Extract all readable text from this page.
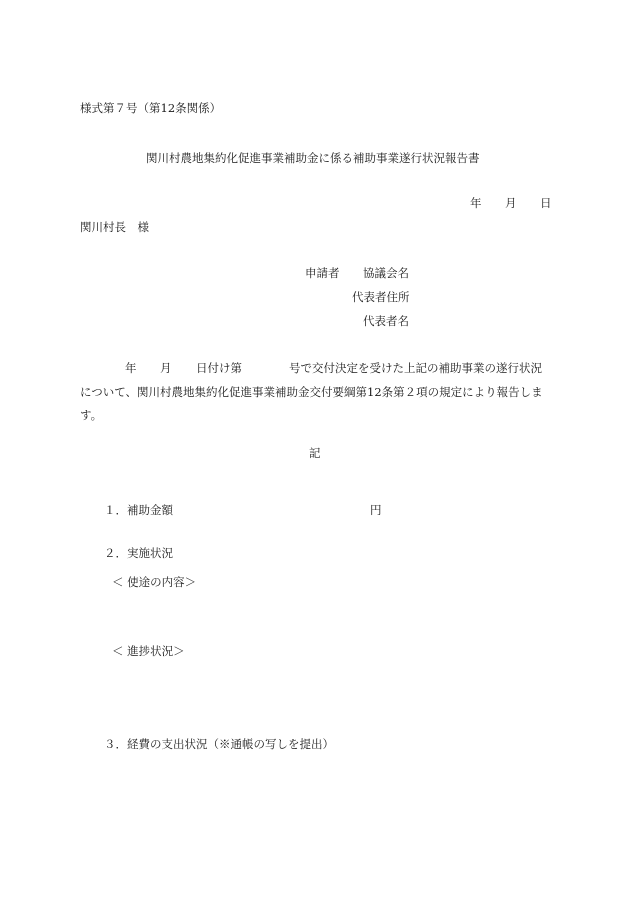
様式第７号（第12条関係）
関川村農地集約化促進事業補助金に係る補助事業遂行状況報告書
年 月 日
関川村長　様
申請者 協議会名
代表者住所
代表者名
年 月 日付け第	号で交付決定を受けた上記の補助事業の遂行状況
について、関川村農地集約化促進事業補助金交付要綱第12条第２項の規定により報告しま
す。
記
１．補助金額	円
２．実施状況
＜ 使途の内容＞
＜ 進捗状況＞
３．経費の支出状況（※通帳の写しを提出）
